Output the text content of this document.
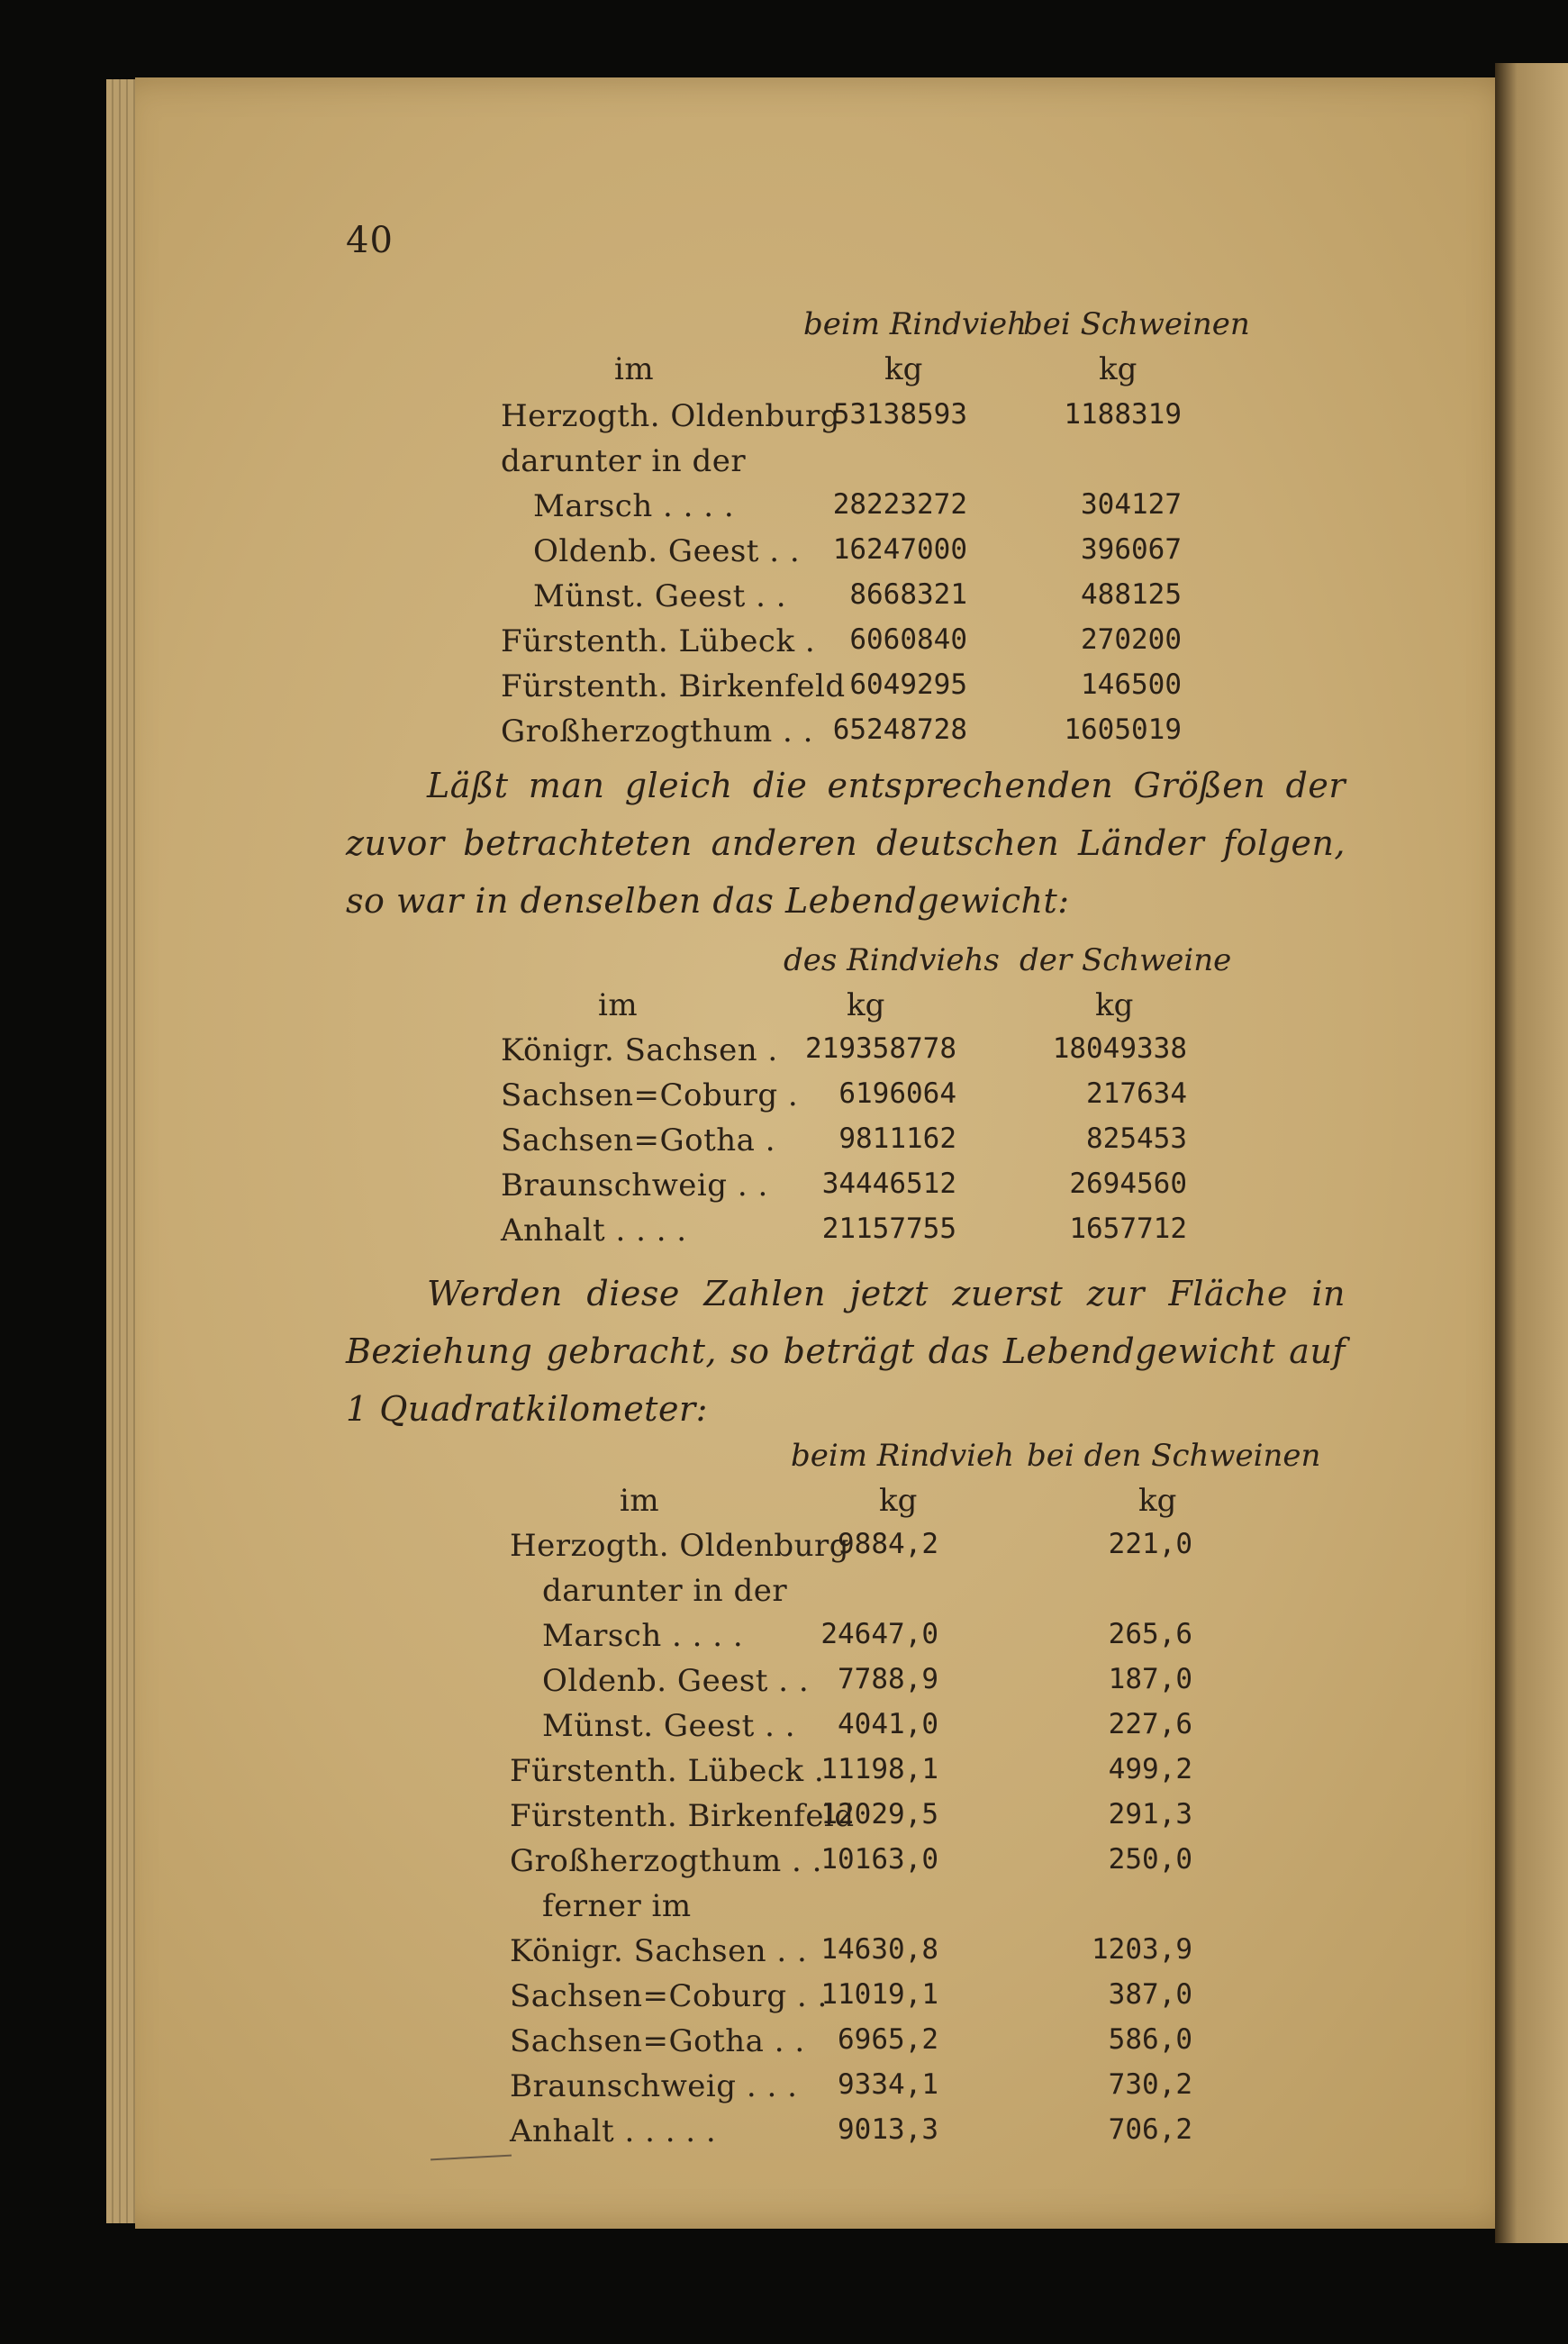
40
beim Rindvieh
bei Schweinen
im	kg	kg
Herzogth. Oldenburg
53138593	1188319
darunter in der
Marsch . . . .	28223272	304127
Oldenb. Geest . . 16247000	396067
Münst. Geest . . 8668321	488125
Fürstenth. Lübeck . 6060840	270200
Fürstenth. Birkenfeld 6049295	146500
Großherzogthum . . 65248728	1605019
Läßt man gleich die entsprechenden Größen der zuvor betrachteten anderen deutschen Länder folgen, so war in denselben das Lebendgewicht:
des Rindviehs der Schweine
im	kg	kg
Königr. Sachsen . 219358778	18049338
Sachsen=Coburg . 6196064	217634
Sachsen=Gotha . 9811162	825453
Braunschweig . . 34446512	2694560
Anhalt . . . .	21157755	1657712
Werden diese Zahlen jetzt zuerst zur Fläche in Beziehung gebracht, so beträgt das Lebendgewicht auf 1 Quadratkilometer:
beim Rindvieh bei den Schweinen
im	kg	kg
Herzogth. Oldenburg
9884,2	221,0
darunter in der
Marsch . . . .	24647,0	265,6
Oldenb. Geest . . 7788,9	187,0
Münst. Geest . . 4041,0	227,6
Fürstenth. Lübeck .
11198,1	499,2
Fürstenth. Birkenfeld
12029,5	291,3
Großherzogthum . .
10163,0	250,0
ferner im
Königr. Sachsen . . 14630,8	1203,9
Sachsen=Coburg . .
11019,1	387,0
Sachsen=Gotha . . 6965,2	586,0
Braunschweig . . . 9334,1	730,2
Anhalt . . . . .	9013,3	706,2
